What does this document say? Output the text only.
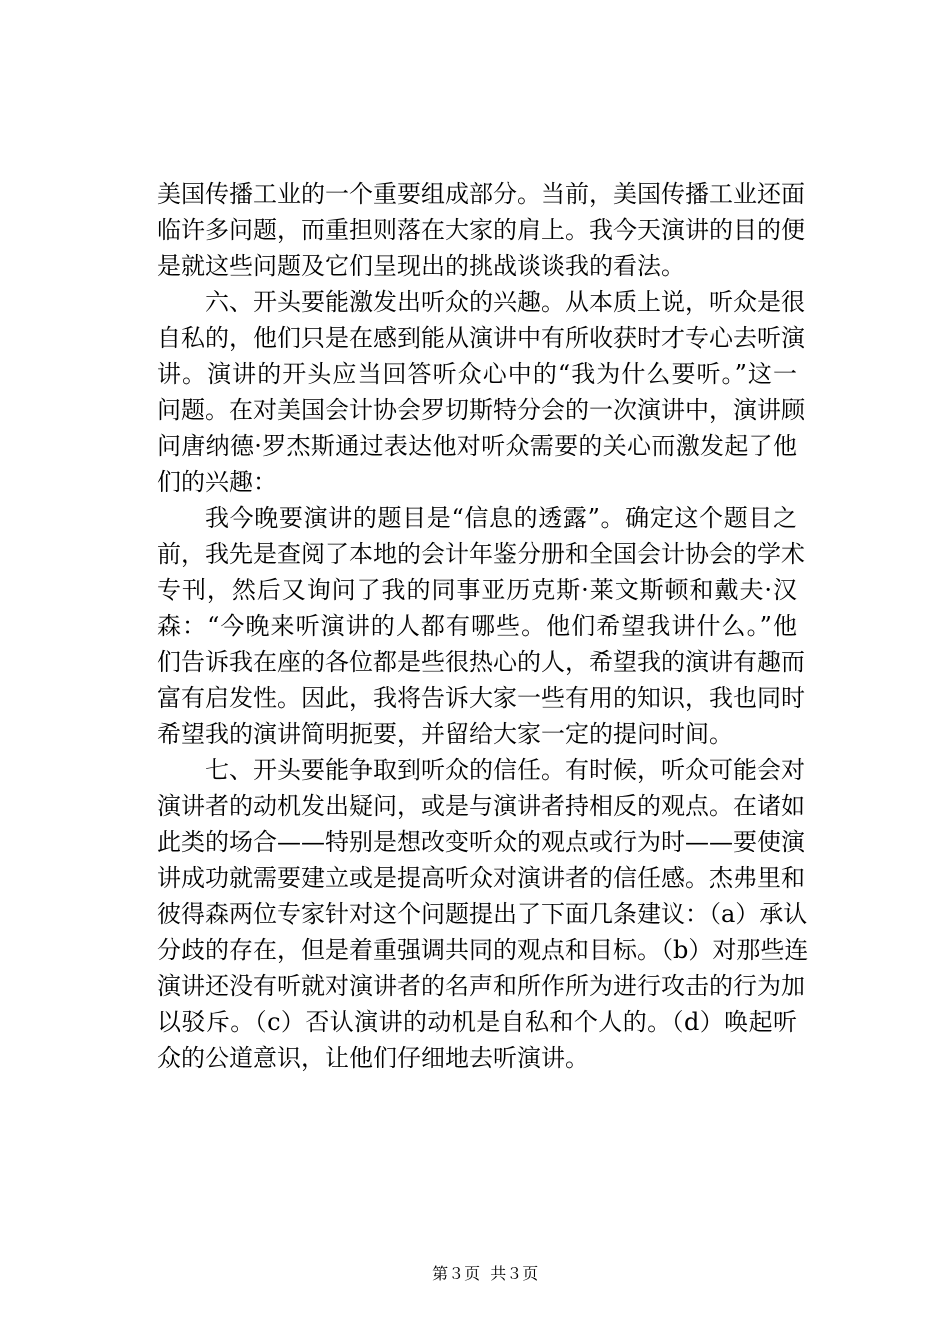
美国传播工业的一个重要组成部分。当前，美国传播工业还面
临许多问题，而重担则落在大家的肩上。我今天演讲的目的便
是就这些问题及它们呈现出的挑战谈谈我的看法。
六、开头要能激发出听众的兴趣。从本质上说，听众是很
自私的，他们只是在感到能从演讲中有所收获时才专心去听演
讲。演讲的开头应当回答听众心中的“我为什么要听。”这一
问题。在对美国会计协会罗切斯特分会的一次演讲中，演讲顾
问唐纳德·罗杰斯通过表达他对听众需要的关心而激发起了他
们的兴趣：
我今晚要演讲的题目是“信息的透露”。确定这个题目之
前，我先是查阅了本地的会计年鉴分册和全国会计协会的学术
专刊，然后又询问了我的同事亚历克斯·莱文斯顿和戴夫·汉
森：“今晚来听演讲的人都有哪些。他们希望我讲什么。”他
们告诉我在座的各位都是些很热心的人，希望我的演讲有趣而
富有启发性。因此，我将告诉大家一些有用的知识，我也同时
希望我的演讲简明扼要，并留给大家一定的提问时间。
七、开头要能争取到听众的信任。有时候，听众可能会对
演讲者的动机发出疑问，或是与演讲者持相反的观点。在诸如
此类的场合——特别是想改变听众的观点或行为时——要使演
讲成功就需要建立或是提高听众对演讲者的信任感。杰弗里和
彼得森两位专家针对这个问题提出了下面几条建议：（a）承认
分歧的存在，但是着重强调共同的观点和目标。（b）对那些连
演讲还没有听就对演讲者的名声和所作所为进行攻击的行为加
以驳斥。（c）否认演讲的动机是自私和个人的。（d）唤起听
众的公道意识，让他们仔细地去听演讲。

第３页  共３页
